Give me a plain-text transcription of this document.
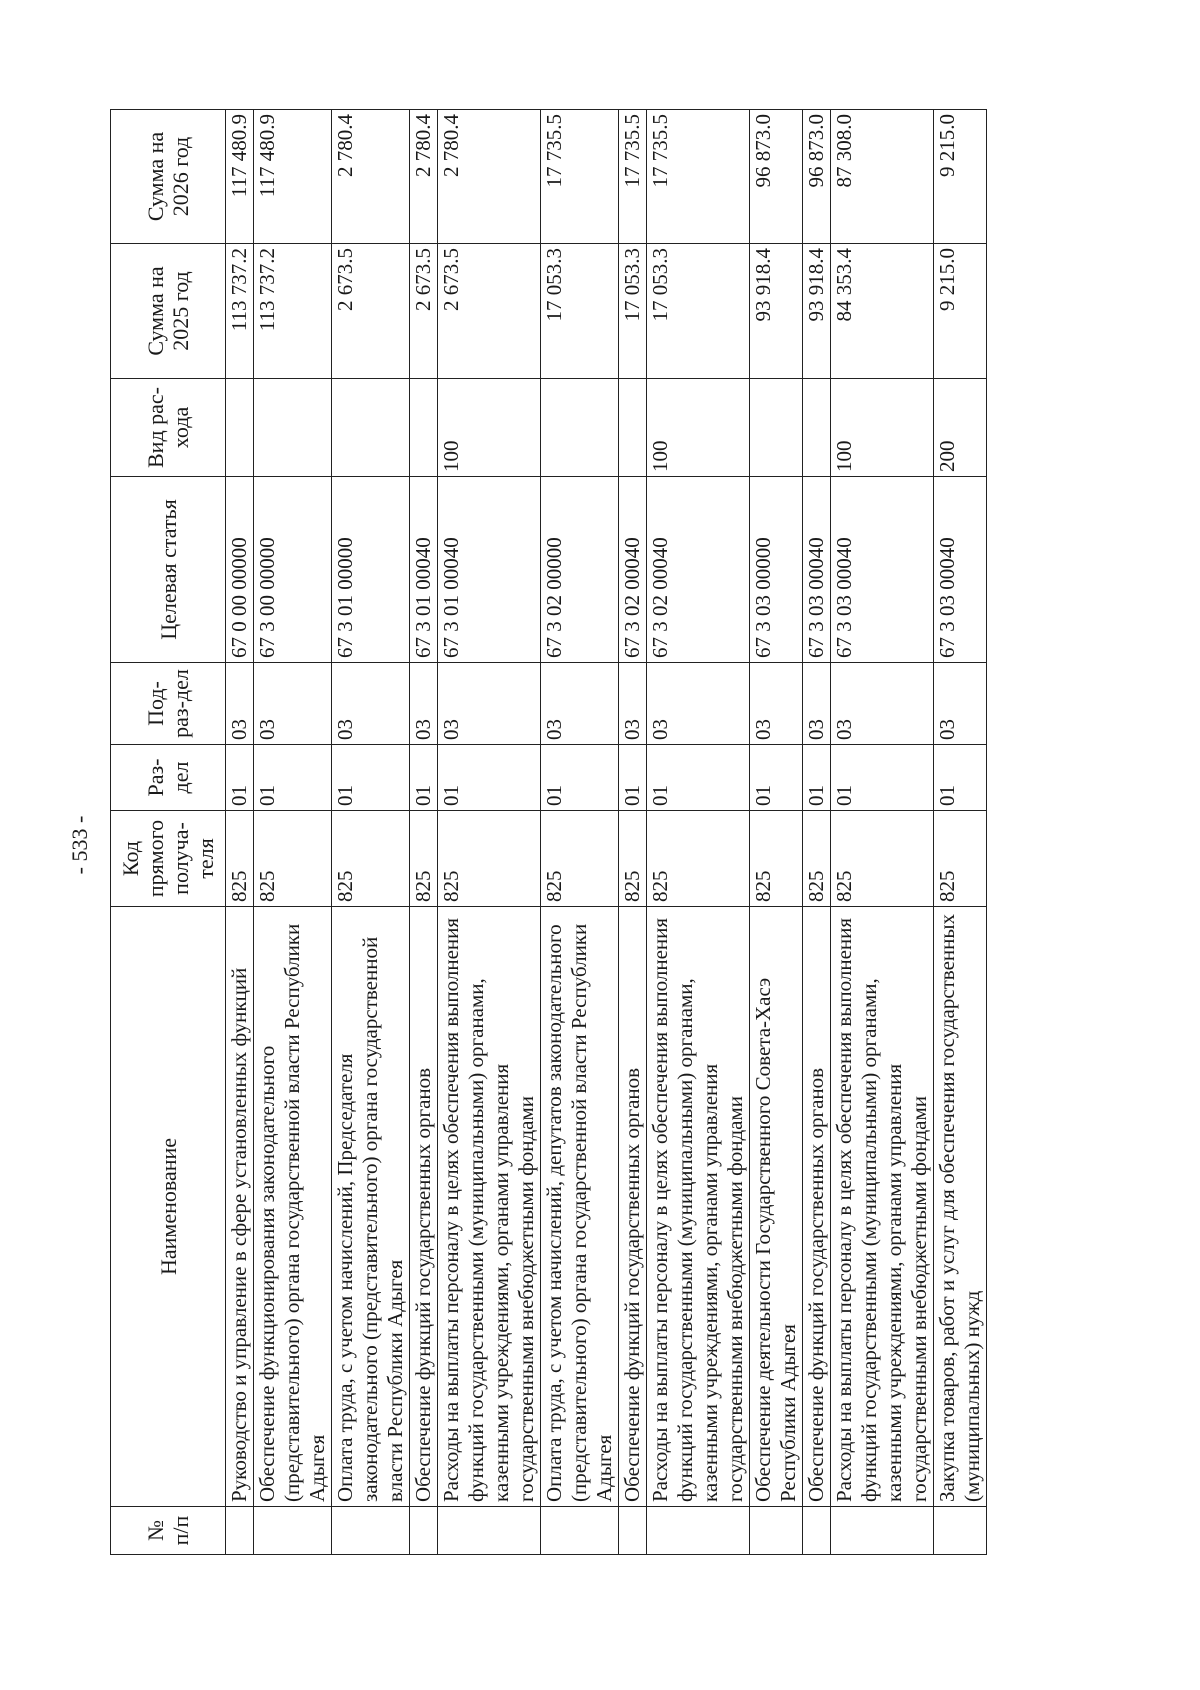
- 533 -
№ п/п	Наименование	Код прямого получа-теля	Раз-дел	Под-раз-дел	Целевая статья	Вид рас-хода	Сумма на 2025 год	Сумма на 2026 год
	Руководство и управление в сфере установленных функций	825	01	03	67 0 00 00000		113 737.2	117 480.9
	Обеспечение функционирования законодательного (представительного) органа государственной власти Республики Адыгея	825	01	03	67 3 00 00000		113 737.2	117 480.9
	Оплата труда, с учетом начислений, Председателя законодательного (представительного) органа государственной власти Республики Адыгея	825	01	03	67 3 01 00000		2 673.5	2 780.4
	Обеспечение функций государственных органов	825	01	03	67 3 01 00040		2 673.5	2 780.4
	Расходы на выплаты персоналу в целях обеспечения выполнения функций государственными (муниципальными) органами, казенными учреждениями, органами управления государственными внебюджетными фондами	825	01	03	67 3 01 00040	100	2 673.5	2 780.4
	Оплата труда, с учетом начислений, депутатов законодательного (представительного) органа государственной власти Республики Адыгея	825	01	03	67 3 02 00000		17 053.3	17 735.5
	Обеспечение функций государственных органов	825	01	03	67 3 02 00040		17 053.3	17 735.5
	Расходы на выплаты персоналу в целях обеспечения выполнения функций государственными (муниципальными) органами, казенными учреждениями, органами управления государственными внебюджетными фондами	825	01	03	67 3 02 00040	100	17 053.3	17 735.5
	Обеспечение деятельности Государственного Совета-Хасэ Республики Адыгея	825	01	03	67 3 03 00000		93 918.4	96 873.0
	Обеспечение функций государственных органов	825	01	03	67 3 03 00040		93 918.4	96 873.0
	Расходы на выплаты персоналу в целях обеспечения выполнения функций государственными (муниципальными) органами, казенными учреждениями, органами управления государственными внебюджетными фондами	825	01	03	67 3 03 00040	100	84 353.4	87 308.0
	Закупка товаров, работ и услуг для обеспечения государственных (муниципальных) нужд	825	01	03	67 3 03 00040	200	9 215.0	9 215.0
